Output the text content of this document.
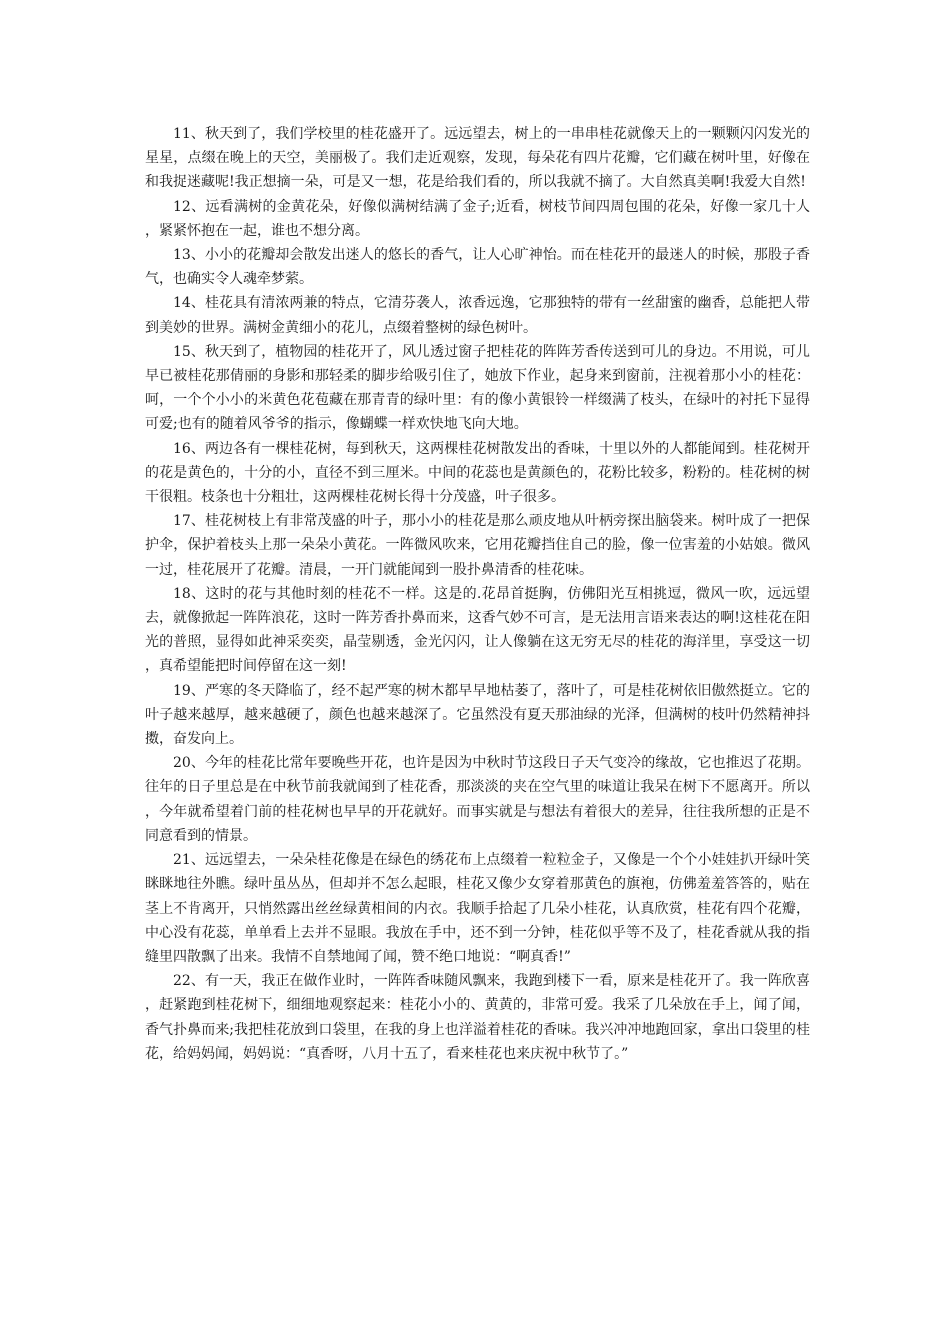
11、秋天到了，我们学校里的桂花盛开了。远远望去，树上的一串串桂花就像天上的一颗颗闪闪发光的星星，点缀在晚上的天空，美丽极了。我们走近观察，发现，每朵花有四片花瓣，它们藏在树叶里，好像在和我捉迷藏呢!我正想摘一朵，可是又一想，花是给我们看的，所以我就不摘了。大自然真美啊!我爱大自然!

12、远看满树的金黄花朵，好像似满树结满了金子;近看，树枝节间四周包围的花朵，好像一家几十人，紧紧怀抱在一起，谁也不想分离。

13、小小的花瓣却会散发出迷人的悠长的香气，让人心旷神怡。而在桂花开的最迷人的时候，那股子香气，也确实令人魂牵梦萦。

14、桂花具有清浓两兼的特点，它清芬袭人，浓香远逸，它那独特的带有一丝甜蜜的幽香，总能把人带到美妙的世界。满树金黄细小的花儿，点缀着整树的绿色树叶。

15、秋天到了，植物园的桂花开了，风儿透过窗子把桂花的阵阵芳香传送到可儿的身边。不用说，可儿早已被桂花那倩丽的身影和那轻柔的脚步给吸引住了，她放下作业，起身来到窗前，注视着那小小的桂花：呵，一个个小小的米黄色花苞藏在那青青的绿叶里：有的像小黄银铃一样缀满了枝头，在绿叶的衬托下显得可爱;也有的随着风爷爷的指示，像蝴蝶一样欢快地飞向大地。

16、两边各有一棵桂花树，每到秋天，这两棵桂花树散发出的香味，十里以外的人都能闻到。桂花树开的花是黄色的，十分的小，直径不到三厘米。中间的花蕊也是黄颜色的，花粉比较多，粉粉的。桂花树的树干很粗。枝条也十分粗壮，这两棵桂花树长得十分茂盛，叶子很多。

17、桂花树枝上有非常茂盛的叶子，那小小的桂花是那么顽皮地从叶柄旁探出脑袋来。树叶成了一把保护伞，保护着枝头上那一朵朵小黄花。一阵微风吹来，它用花瓣挡住自己的脸，像一位害羞的小姑娘。微风一过，桂花展开了花瓣。清晨，一开门就能闻到一股扑鼻清香的桂花味。

18、这时的花与其他时刻的桂花不一样。这是的.花昂首挺胸，仿佛阳光互相挑逗，微风一吹，远远望去，就像掀起一阵阵浪花，这时一阵芳香扑鼻而来，这香气妙不可言，是无法用言语来表达的啊!这桂花在阳光的普照，显得如此神采奕奕，晶莹剔透，金光闪闪，让人像躺在这无穷无尽的桂花的海洋里，享受这一切，真希望能把时间停留在这一刻!

19、严寒的冬天降临了，经不起严寒的树木都早早地枯萎了，落叶了，可是桂花树依旧傲然挺立。它的叶子越来越厚，越来越硬了，颜色也越来越深了。它虽然没有夏天那油绿的光泽，但满树的枝叶仍然精神抖擞，奋发向上。

20、今年的桂花比常年要晚些开花，也许是因为中秋时节这段日子天气变冷的缘故，它也推迟了花期。往年的日子里总是在中秋节前我就闻到了桂花香，那淡淡的夹在空气里的味道让我呆在树下不愿离开。所以，今年就希望着门前的桂花树也早早的开花就好。而事实就是与想法有着很大的差异，往往我所想的正是不同意看到的情景。

21、远远望去，一朵朵桂花像是在绿色的绣花布上点缀着一粒粒金子，又像是一个个小娃娃扒开绿叶笑眯眯地往外瞧。绿叶虽丛丛，但却并不怎么起眼，桂花又像少女穿着那黄色的旗袍，仿佛羞羞答答的，贴在茎上不肯离开，只悄然露出丝丝绿黄相间的内衣。我顺手拾起了几朵小桂花，认真欣赏，桂花有四个花瓣，中心没有花蕊，单单看上去并不显眼。我放在手中，还不到一分钟，桂花似乎等不及了，桂花香就从我的指缝里四散飘了出来。我情不自禁地闻了闻，赞不绝口地说：“啊真香!”

22、有一天，我正在做作业时，一阵阵香味随风飘来，我跑到楼下一看，原来是桂花开了。我一阵欣喜，赶紧跑到桂花树下，细细地观察起来：桂花小小的、黄黄的，非常可爱。我采了几朵放在手上，闻了闻，香气扑鼻而来;我把桂花放到口袋里，在我的身上也洋溢着桂花的香味。我兴冲冲地跑回家，拿出口袋里的桂花，给妈妈闻，妈妈说：“真香呀，八月十五了，看来桂花也来庆祝中秋节了。”
